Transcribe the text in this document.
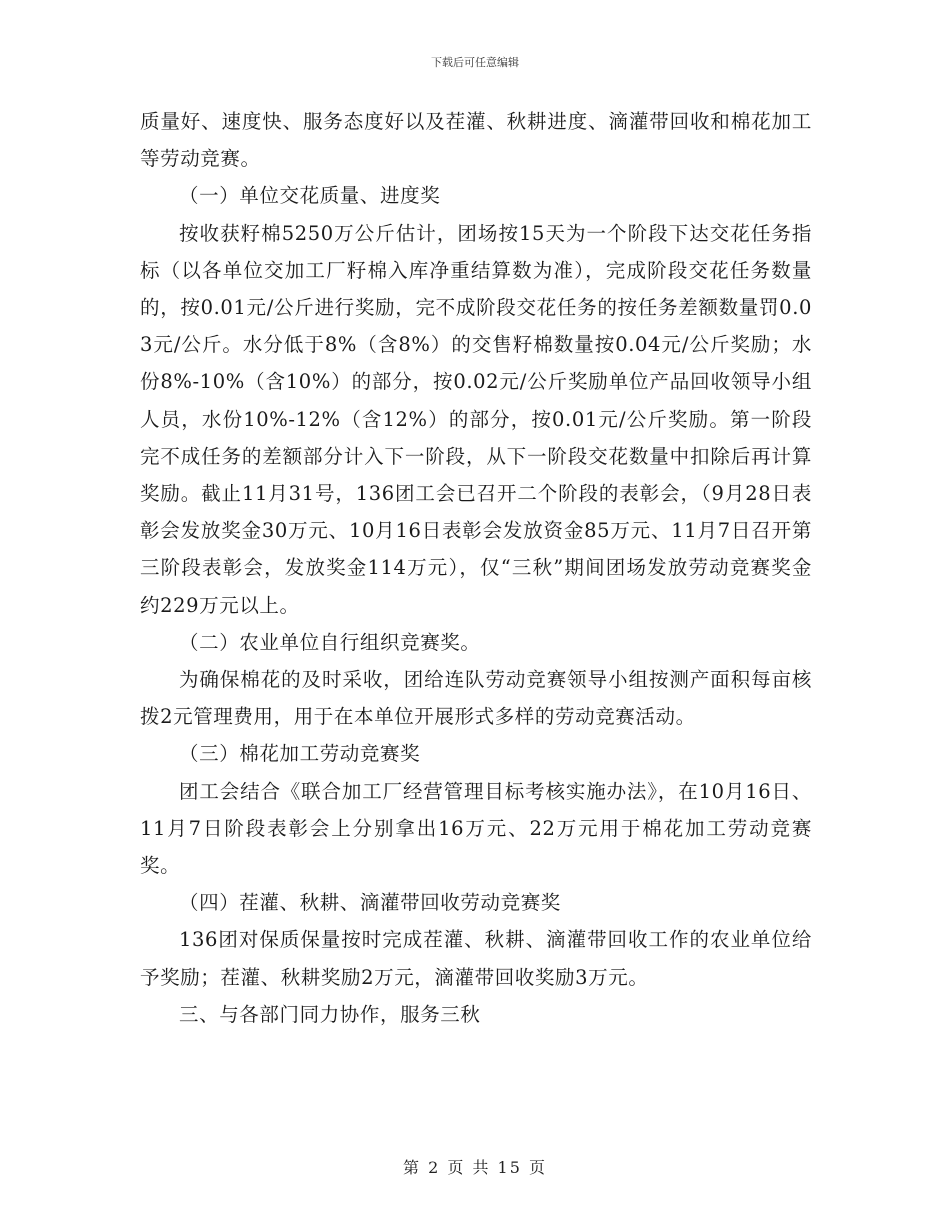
下载后可任意编辑

质量好、速度快、服务态度好以及茬灌、秋耕进度、滴灌带回收和棉花加工等劳动竞赛。

（一）单位交花质量、进度奖

按收获籽棉5250万公斤估计，团场按15天为一个阶段下达交花任务指标（以各单位交加工厂籽棉入库净重结算数为准），完成阶段交花任务数量的，按0.01元/公斤进行奖励，完不成阶段交花任务的按任务差额数量罚0.03元/公斤。水分低于8%（含8%）的交售籽棉数量按0.04元/公斤奖励；水份8%-10%（含10%）的部分，按0.02元/公斤奖励单位产品回收领导小组人员，水份10%-12%（含12%）的部分，按0.01元/公斤奖励。第一阶段完不成任务的差额部分计入下一阶段，从下一阶段交花数量中扣除后再计算奖励。截止11月31号，136团工会已召开二个阶段的表彰会，（9月28日表彰会发放奖金30万元、10月16日表彰会发放资金85万元、11月7日召开第三阶段表彰会，发放奖金114万元），仅“三秋”期间团场发放劳动竞赛奖金约229万元以上。

（二）农业单位自行组织竞赛奖。

为确保棉花的及时采收，团给连队劳动竞赛领导小组按测产面积每亩核拨2元管理费用，用于在本单位开展形式多样的劳动竞赛活动。

（三）棉花加工劳动竞赛奖

团工会结合《联合加工厂经营管理目标考核实施办法》，在10月16日、11月7日阶段表彰会上分别拿出16万元、22万元用于棉花加工劳动竞赛奖。

（四）茬灌、秋耕、滴灌带回收劳动竞赛奖

136团对保质保量按时完成茬灌、秋耕、滴灌带回收工作的农业单位给予奖励；茬灌、秋耕奖励2万元，滴灌带回收奖励3万元。

三、与各部门同力协作，服务三秋

第 2 页 共 15 页
